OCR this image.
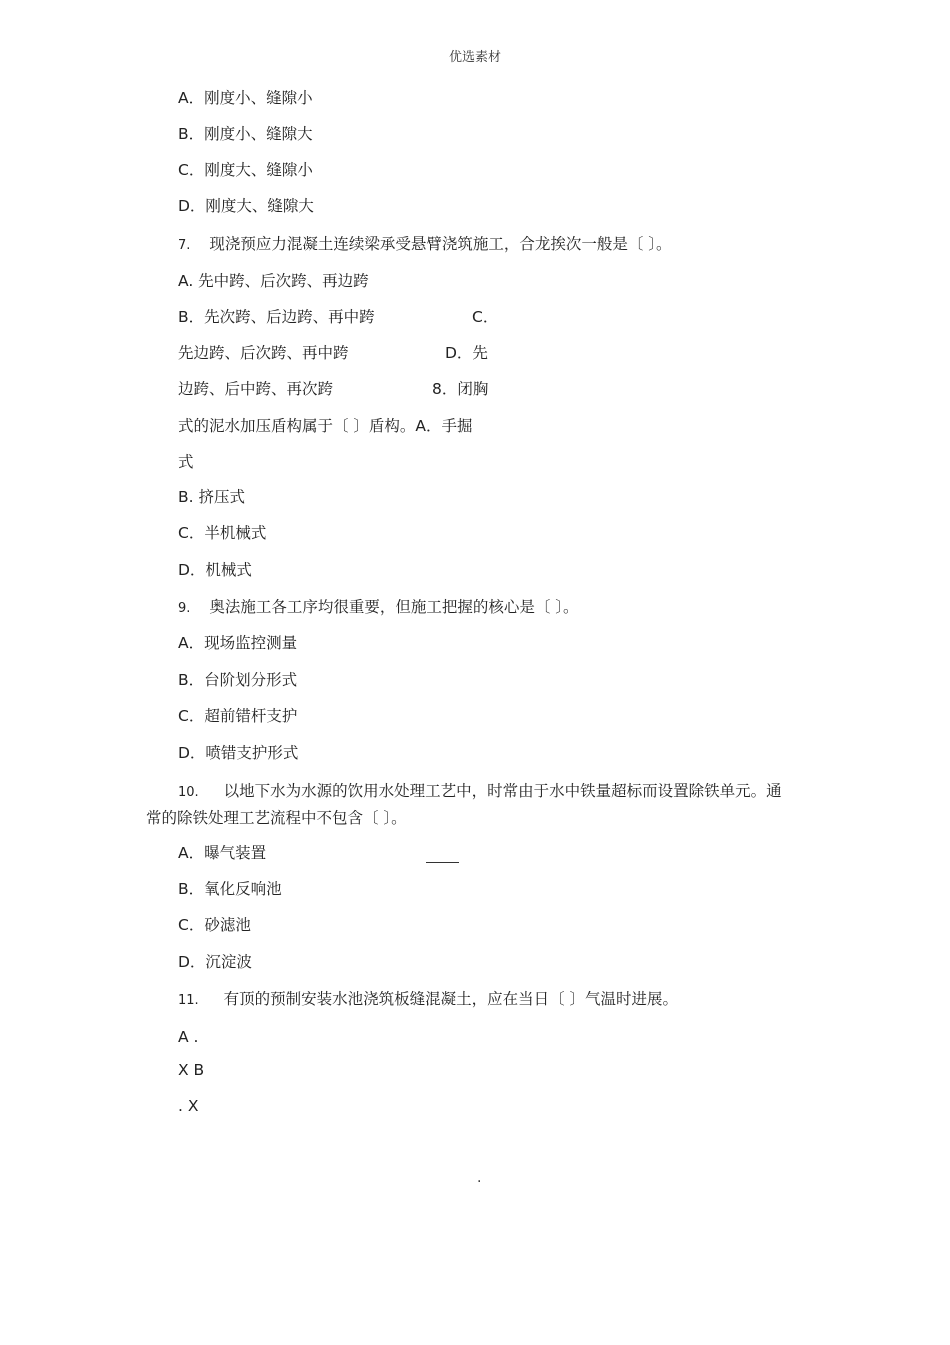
优选素材
A．刚度小、缝隙小
B．刚度小、缝隙大
C．刚度大、缝隙小
D．刚度大、缝隙大
7. 现浇预应力混凝土连续梁承受悬臂浇筑施工，合龙挨次一般是〔 〕。
A. 先中跨、后次跨、再边跨
B．先次跨、后边跨、再中跨	C．
先边跨、后次跨、再中跨	D．先
边跨、后中跨、再次跨	8．闭胸
式的泥水加压盾构属于〔 〕盾构。A．手掘
式
B. 挤压式
C．半机械式
D．机械式
9. 奥法施工各工序均很重要，但施工把握的核心是〔 〕。
A．现场监控测量
B．台阶划分形式
C．超前错杆支护
D．喷错支护形式
10. 以地下水为水源的饮用水处理工艺中，时常由于水中铁量超标而设置除铁单元。通
常的除铁处理工艺流程中不包含〔 〕。
A．曝气装置
B．氧化反响池
C．砂滤池
D．沉淀波
11. 有顶的预制安装水池浇筑板缝混凝土，应在当日〔 〕气温时进展。
A .
X B
. X
.
